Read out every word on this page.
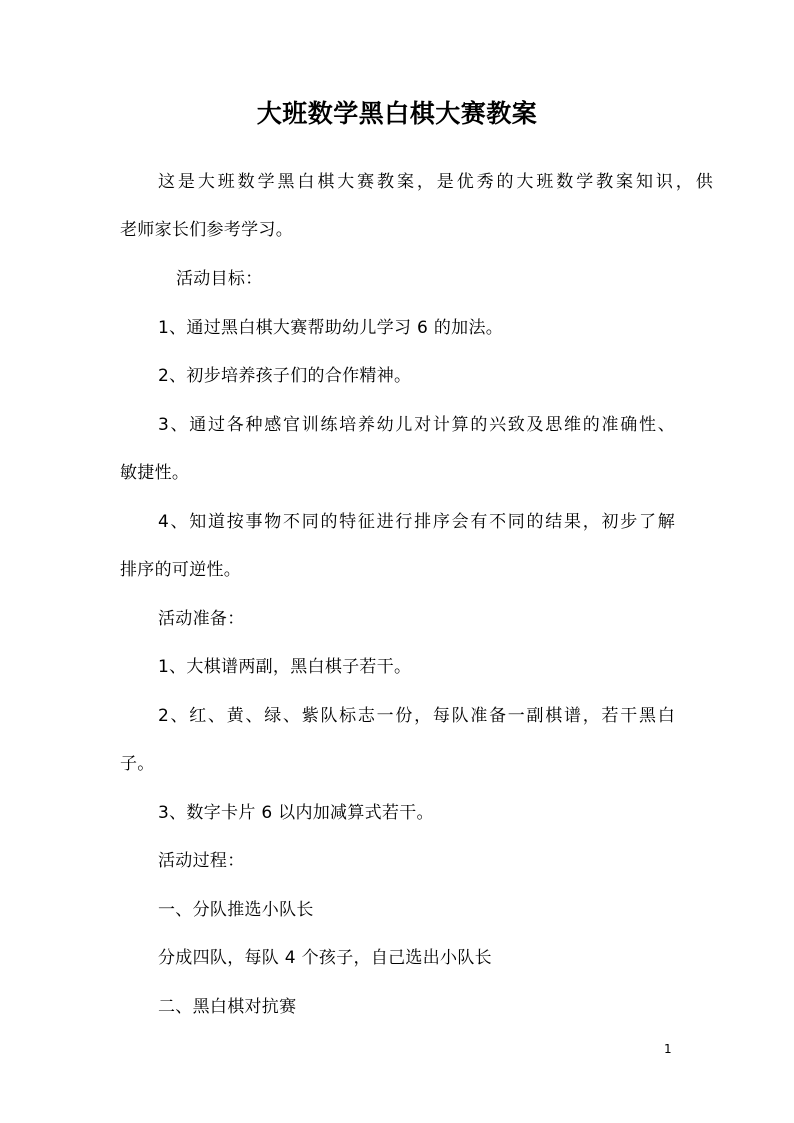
大班数学黑白棋大赛教案
这是大班数学黑白棋大赛教案，是优秀的大班数学教案知识，供
老师家长们参考学习。
活动目标：
1、通过黑白棋大赛帮助幼儿学习 6 的加法。
2、初步培养孩子们的合作精神。
3、通过各种感官训练培养幼儿对计算的兴致及思维的准确性、
敏捷性。
4、知道按事物不同的特征进行排序会有不同的结果，初步了解
排序的可逆性。
活动准备：
1、大棋谱两副，黑白棋子若干。
2、红、黄、绿、紫队标志一份，每队准备一副棋谱，若干黑白
子。
3、数字卡片 6 以内加减算式若干。
活动过程：
一、分队推选小队长
分成四队，每队 4 个孩子，自己选出小队长
二、黑白棋对抗赛
1
